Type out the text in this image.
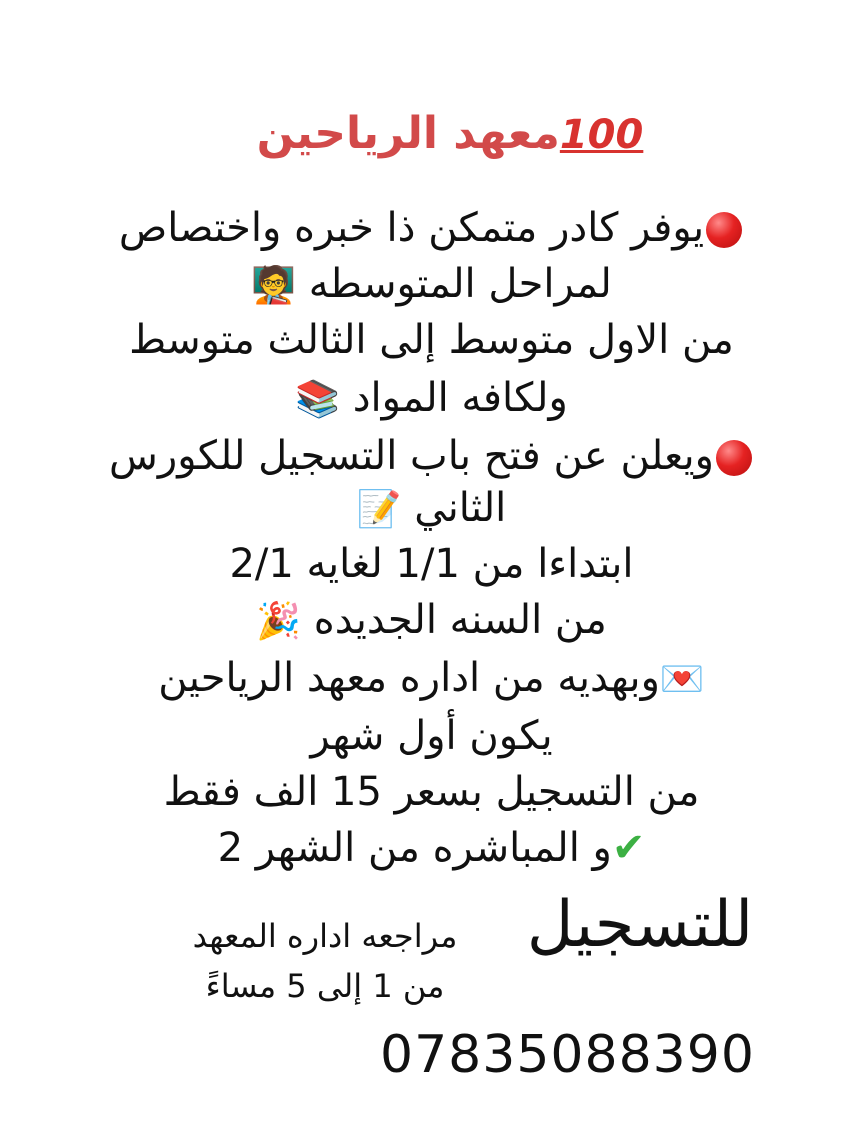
100معهد الرياحين
يوفر كادر متمكن ذا خبره واختصاص
لمراحل المتوسطه 🧑‍🏫
من الاول متوسط إلى الثالث متوسط
ولكافه المواد 📚
ويعلن عن فتح باب التسجيل للكورس
الثاني 📝
ابتداءا من 1/1 لغايه 2/1
من السنه الجديده 🎉
💌وبهديه من اداره معهد الرياحين
يكون أول شهر
من التسجيل بسعر 15 الف فقط
✔و المباشره من الشهر 2
للتسجيل
مراجعه اداره المعهد
من 1 إلى 5 مساءً
07835088390
